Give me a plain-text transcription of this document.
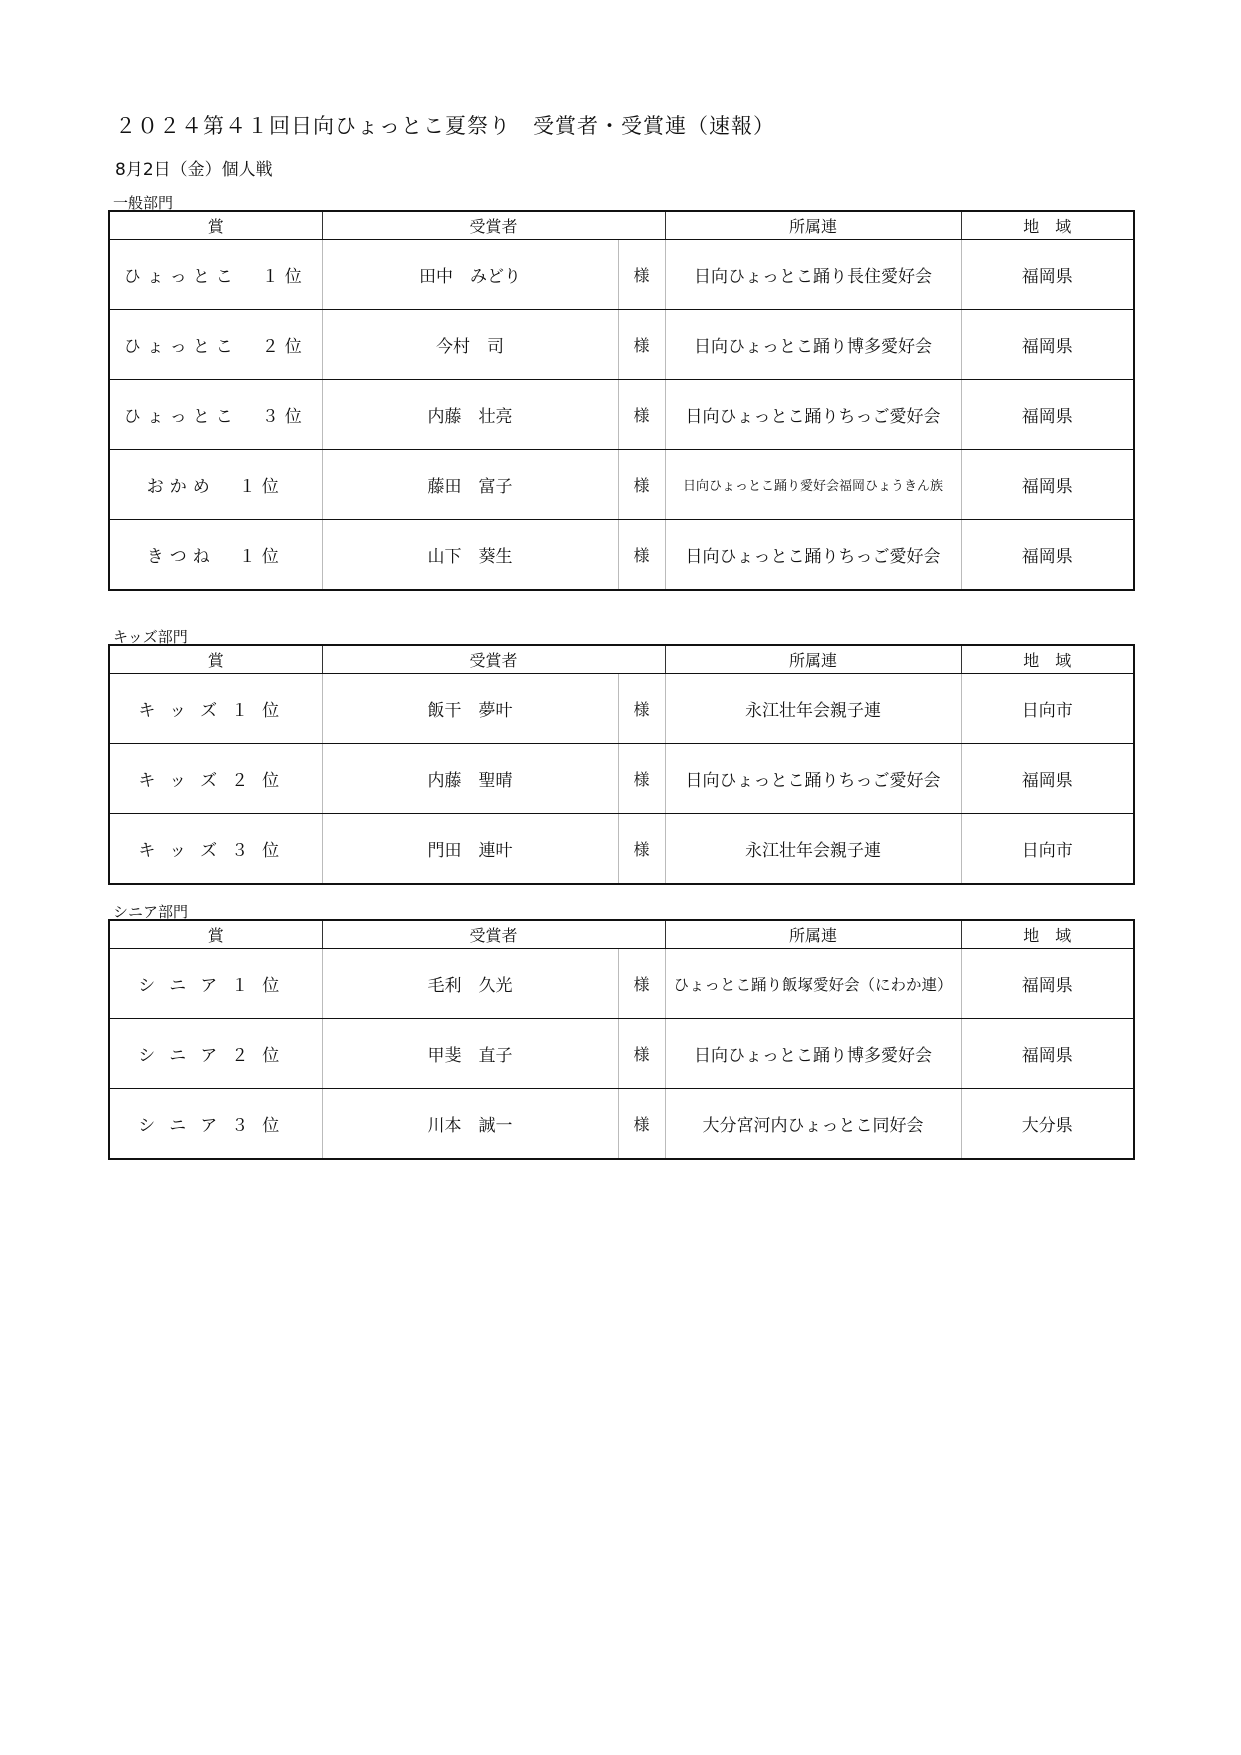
２０２４第４１回日向ひょっとこ夏祭り　受賞者・受賞連（速報）
8月2日（金）個人戦
一般部門
賞	受賞者		所属連	地　域
ひょっとこ　１位	田中　みどり	様	日向ひょっとこ踊り長住愛好会	福岡県
ひょっとこ　２位	今村　司	様	日向ひょっとこ踊り博多愛好会	福岡県
ひょっとこ　３位	内藤　壮亮	様	日向ひょっとこ踊りちっご愛好会	福岡県
おかめ　１位	藤田　富子	様	日向ひょっとこ踊り愛好会福岡ひょうきん族	福岡県
きつね　１位	山下　葵生	様	日向ひょっとこ踊りちっご愛好会	福岡県
キッズ部門
賞	受賞者		所属連	地　域
キッズ１位	飯干　夢叶	様	永江壮年会親子連	日向市
キッズ２位	内藤　聖晴	様	日向ひょっとこ踊りちっご愛好会	福岡県
キッズ３位	門田　連叶	様	永江壮年会親子連	日向市
シニア部門
賞	受賞者		所属連	地　域
シニア１位	毛利　久光	様	ひょっとこ踊り飯塚愛好会（にわか連）	福岡県
シニア２位	甲斐　直子	様	日向ひょっとこ踊り博多愛好会	福岡県
シニア３位	川本　誠一	様	大分宮河内ひょっとこ同好会	大分県
